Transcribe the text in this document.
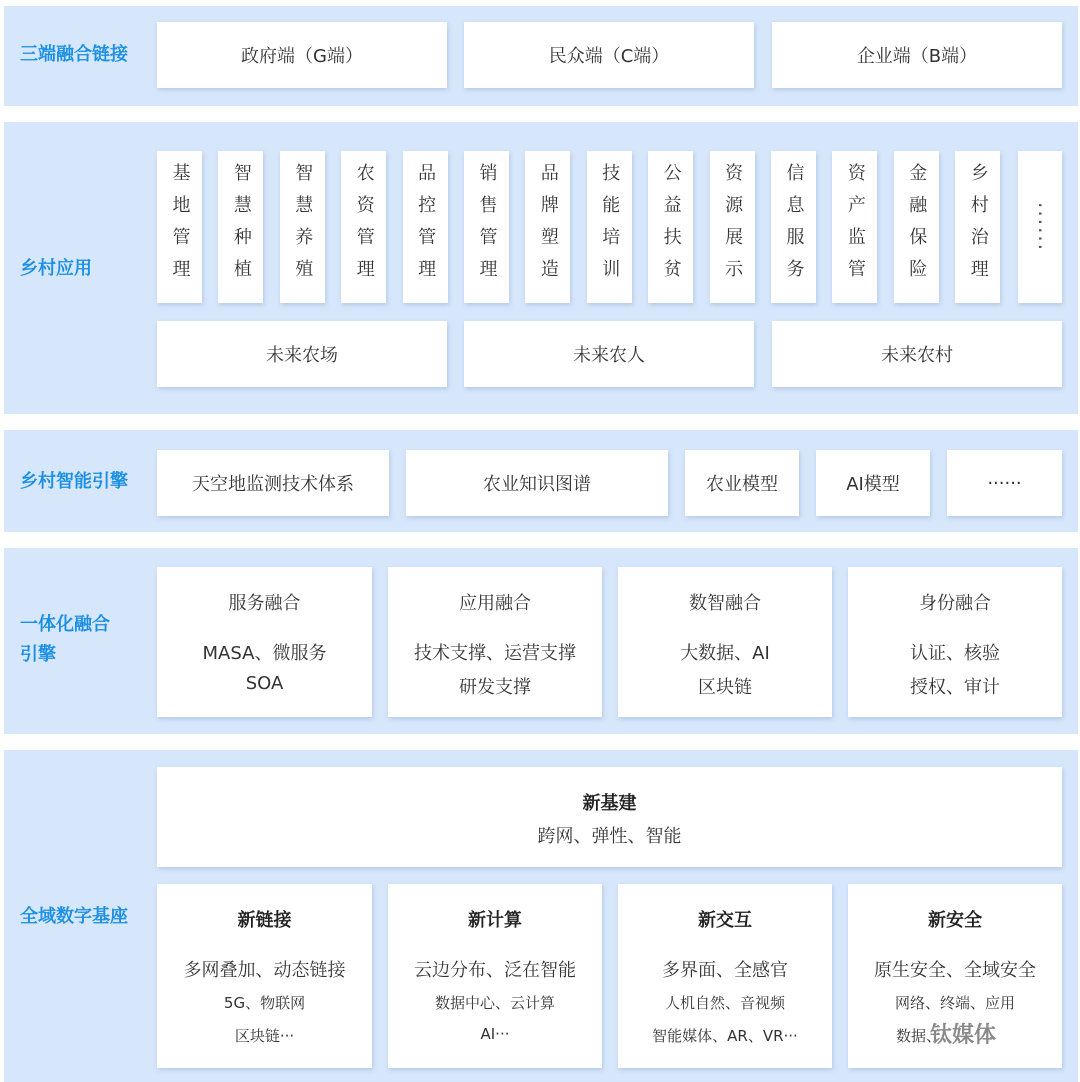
三端融合链接	政府端（G端）	民众端（C端）	企业端（B端）
乡村应用	基地管理	智慧种植	智慧养殖	农资管理	品控管理	销售管理	品牌塑造	技能培训	公益扶贫	资源展示	信息服务	资产监管	金融保险	乡村治理	······
未来农场	未来农人	未来农村
乡村智能引擎	天空地监测技术体系	农业知识图谱	农业模型	AI模型	······
一体化融合
引擎
服务融合
MASA、微服务
SOA
应用融合
技术支撑、运营支撑
研发支撑
数智融合
大数据、AI
区块链
身份融合
认证、核验
授权、审计
全域数字基座
新基建
跨网、弹性、智能
新链接
多网叠加、动态链接
5G、物联网
区块链···
新计算
云边分布、泛在智能
数据中心、云计算
AI···
新交互
多界面、全感官
人机自然、音视频
智能媒体、AR、VR···
新安全
原生安全、全域安全
网络、终端、应用
数据、
钛媒体
